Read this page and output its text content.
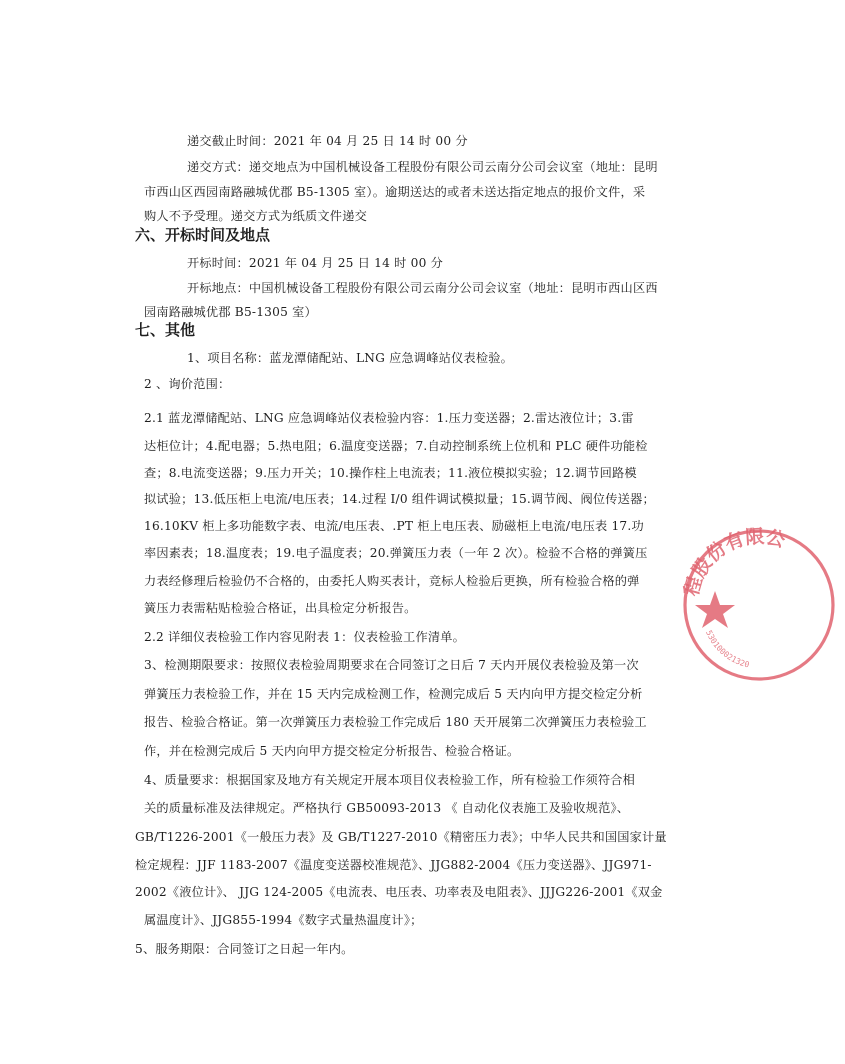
递交截止时间：2021 年 04 月 25 日 14 时 00 分
递交方式：递交地点为中国机械设备工程股份有限公司云南分公司会议室（地址：昆明
市西山区西园南路融城优郡 B5-1305 室）。逾期送达的或者未送达指定地点的报价文件，采
购人不予受理。递交方式为纸质文件递交
六、开标时间及地点
开标时间：2021 年 04 月 25 日 14 时 00 分
开标地点：中国机械设备工程股份有限公司云南分公司会议室（地址：昆明市西山区西
园南路融城优郡 B5-1305 室）
七、其他
1、项目名称：蓝龙潭储配站、LNG 应急调峰站仪表检验。
2 、询价范围：
2.1 蓝龙潭储配站、LNG 应急调峰站仪表检验内容：1.压力变送器；2.雷达液位计；3.雷
达柜位计；4.配电器；5.热电阻；6.温度变送器；7.自动控制系统上位机和 PLC 硬件功能检
查；8.电流变送器；9.压力开关；10.操作柱上电流表；11.液位模拟实验；12.调节回路模
拟试验；13.低压柜上电流/电压表；14.过程 I/0 组件调试模拟量；15.调节阀、阀位传送器；
16.10KV 柜上多功能数字表、电流/电压表、.PT 柜上电压表、励磁柜上电流/电压表 17.功
率因素表；18.温度表；19.电子温度表；20.弹簧压力表（一年 2 次）。检验不合格的弹簧压
力表经修理后检验仍不合格的，由委托人购买表计，竞标人检验后更换，所有检验合格的弹
簧压力表需粘贴检验合格证，出具检定分析报告。
2.2 详细仪表检验工作内容见附表 1：仪表检验工作清单。
3、检测期限要求：按照仪表检验周期要求在合同签订之日后 7 天内开展仪表检验及第一次
弹簧压力表检验工作，并在 15 天内完成检测工作，检测完成后 5 天内向甲方提交检定分析
报告、检验合格证。第一次弹簧压力表检验工作完成后 180 天开展第二次弹簧压力表检验工
作，并在检测完成后 5 天内向甲方提交检定分析报告、检验合格证。
4、质量要求：根据国家及地方有关规定开展本项目仪表检验工作，所有检验工作须符合相
关的质量标准及法律规定。严格执行 GB50093-2013 《 自动化仪表施工及验收规范》、
GB/T1226-2001《一般压力表》及 GB/T1227-2010《精密压力表》；中华人民共和国国家计量
检定规程：JJF 1183-2007《温度变送器校准规范》、JJG882-2004《压力变送器》、JJG971-
2002《液位计》、 JJG 124-2005《电流表、电压表、功率表及电阻表》、JJJG226-2001《双金
属温度计》、JJG855-1994《数字式量热温度计》；
5、服务期限：合同签订之日起一年内。
程股份有限公
530100021320
